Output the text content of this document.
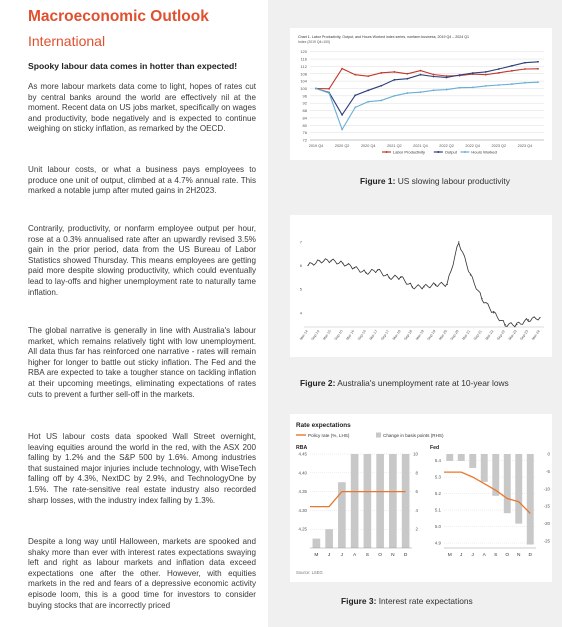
Macroeconomic Outlook
International
Spooky labour data comes in hotter than expected!
As more labour markets data come to light, hopes of rates cut by central banks around the world are effectively nil at the moment. Recent data on US jobs market, specifically on wages and productivity, bode negatively and is expected to continue weighing on sticky inflation, as remarked by the OECD.
Unit labour costs, or what a business pays employees to produce one unit of output, climbed at a 4.7% annual rate. This marked a notable jump after muted gains in 2H2023.
Contrarily, productivity, or nonfarm employee output per hour, rose at a 0.3% annualised rate after an upwardly revised 3.5% gain in the prior period, data from the US Bureau of Labor Statistics showed Thursday. This means employees are getting paid more despite slowing productivity, which could eventually lead to lay-offs and higher unemployment rate to naturally tame inflation.
The global narrative is generally in line with Australia's labour market, which remains relatively tight with low unemployment. All data thus far has reinforced one narrative - rates will remain higher for longer to battle out sticky inflation. The Fed and the RBA are expected to take a tougher stance on tackling inflation at their upcoming meetings, eliminating expectations of rates cuts to prevent a further sell-off in the markets.
Hot US labour costs data spooked Wall Street overnight, leaving equities around the world in the red, with the ASX 200 falling by 1.2% and the S&P 500 by 1.6%. Among industries that sustained major injuries include technology, with WiseTech falling off by 4.3%, NextDC by 2.9%, and TechnologyOne by 1.5%. The rate-sensitive real estate industry also recorded sharp losses, with the industry index falling by 1.3%.
Despite a long way until Halloween, markets are spooked and shaky more than ever with interest rates expectations swaying left and right as labour markets and inflation data exceed expectations one after the other. However, with equities markets in the red and fears of a depressive economic activity episode loom, this is a good time for investors to consider buying stocks that are incorrectly priced
Chart 1. Labor Productivity, Output, and Hours Worked index series, nonfarm business, 2019 Q4 – 2024 Q1
Index (2019 Q4=100)
72
76
80
84
88
92
96
100
104
108
112
116
120
2019 Q4	2020 Q2	2020 Q4	2021 Q2	2021 Q4	2022 Q2	2022 Q4	2023 Q2	2023 Q4
Labor Productivity	Output	Hours Worked
Figure 1: US slowing labour productivity
4
5
6
7
Mar-14 Sep-14 Mar-15 Sep-15 Mar-16 Sep-16 Mar-17 Sep-17 Mar-18 Sep-18 Mar-19 Sep-19 Mar-20 Sep-20 Mar-21 Sep-21 Mar-22 Sep-22 Mar-23 Sep-23 Mar-24
Figure 2: Australia's unemployment rate at 10-year lows
Rate expectations
Policy rate (%, LHS)	Change in basis points (RHS)
RBA
4.25
4.30
4.35
4.40
4.45
2
4
6
8
10
M J J A S O N D
Fed
4.9
5.0
5.1
5.2
5.3
5.4
-25
-20
-15
-10
-5
0
M J J A S O N D
Source: LSEG
Figure 3: Interest rate expectations
